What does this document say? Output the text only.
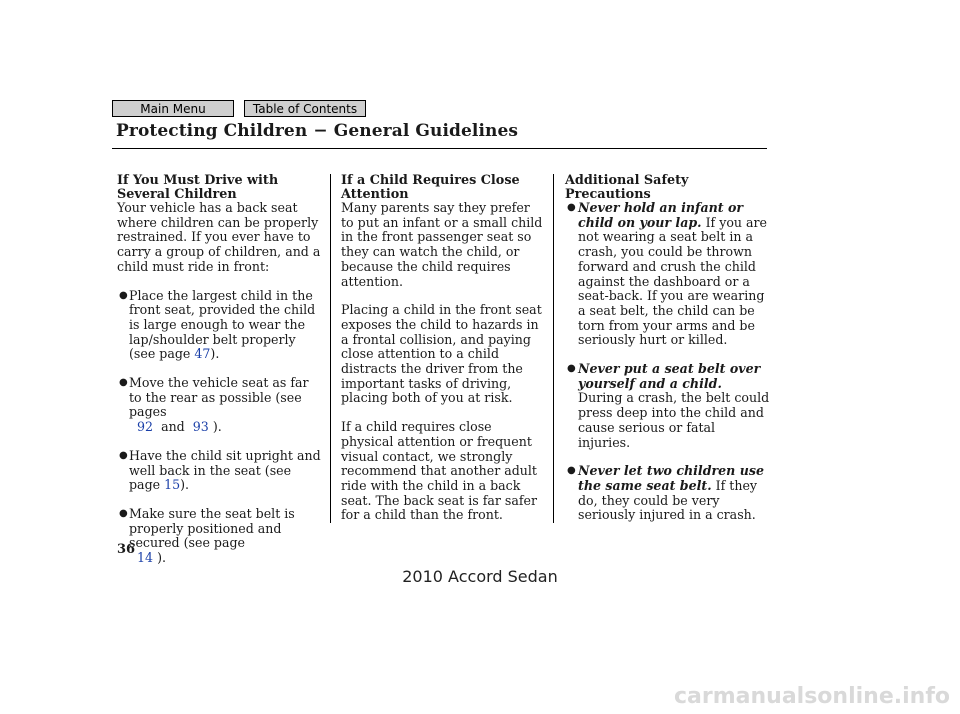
Main Menu	Table of Contents
Protecting Children − General Guidelines
If You Must Drive with Several Children

Your vehicle has a back seat where children can be properly restrained. If you ever have to carry a group of children, and a child must ride in front:

● Place the largest child in the front seat, provided the child is large enough to wear the lap/shoulder belt properly (see page 47).
● Move the vehicle seat as far to the rear as possible (see pages
92 and 93 ).
● Have the child sit upright and well back in the seat (see page 15).
● Make sure the seat belt is properly positioned and secured (see page
14 ).
If a Child Requires Close Attention

Many parents say they prefer to put an infant or a small child in the front passenger seat so they can watch the child, or because the child requires attention.

Placing a child in the front seat exposes the child to hazards in a frontal collision, and paying close attention to a child distracts the driver from the important tasks of driving, placing both of you at risk.

If a child requires close physical attention or frequent visual contact, we strongly recommend that another adult ride with the child in a back seat. The back seat is far safer for a child than the front.

Additional Safety Precautions
● Never hold an infant or child on your lap. If you are not wearing a seat belt in a crash, you could be thrown forward and crush the child against the dashboard or a seat-back. If you are wearing a seat belt, the child can be torn from your arms and be seriously hurt or killed.
● Never put a seat belt over yourself and a child. During a crash, the belt could press deep into the child and cause serious or fatal injuries.
● Never let two children use the same seat belt. If they do, they could be very seriously injured in a crash.
36
2010 Accord Sedan
carmanualsonline.info
